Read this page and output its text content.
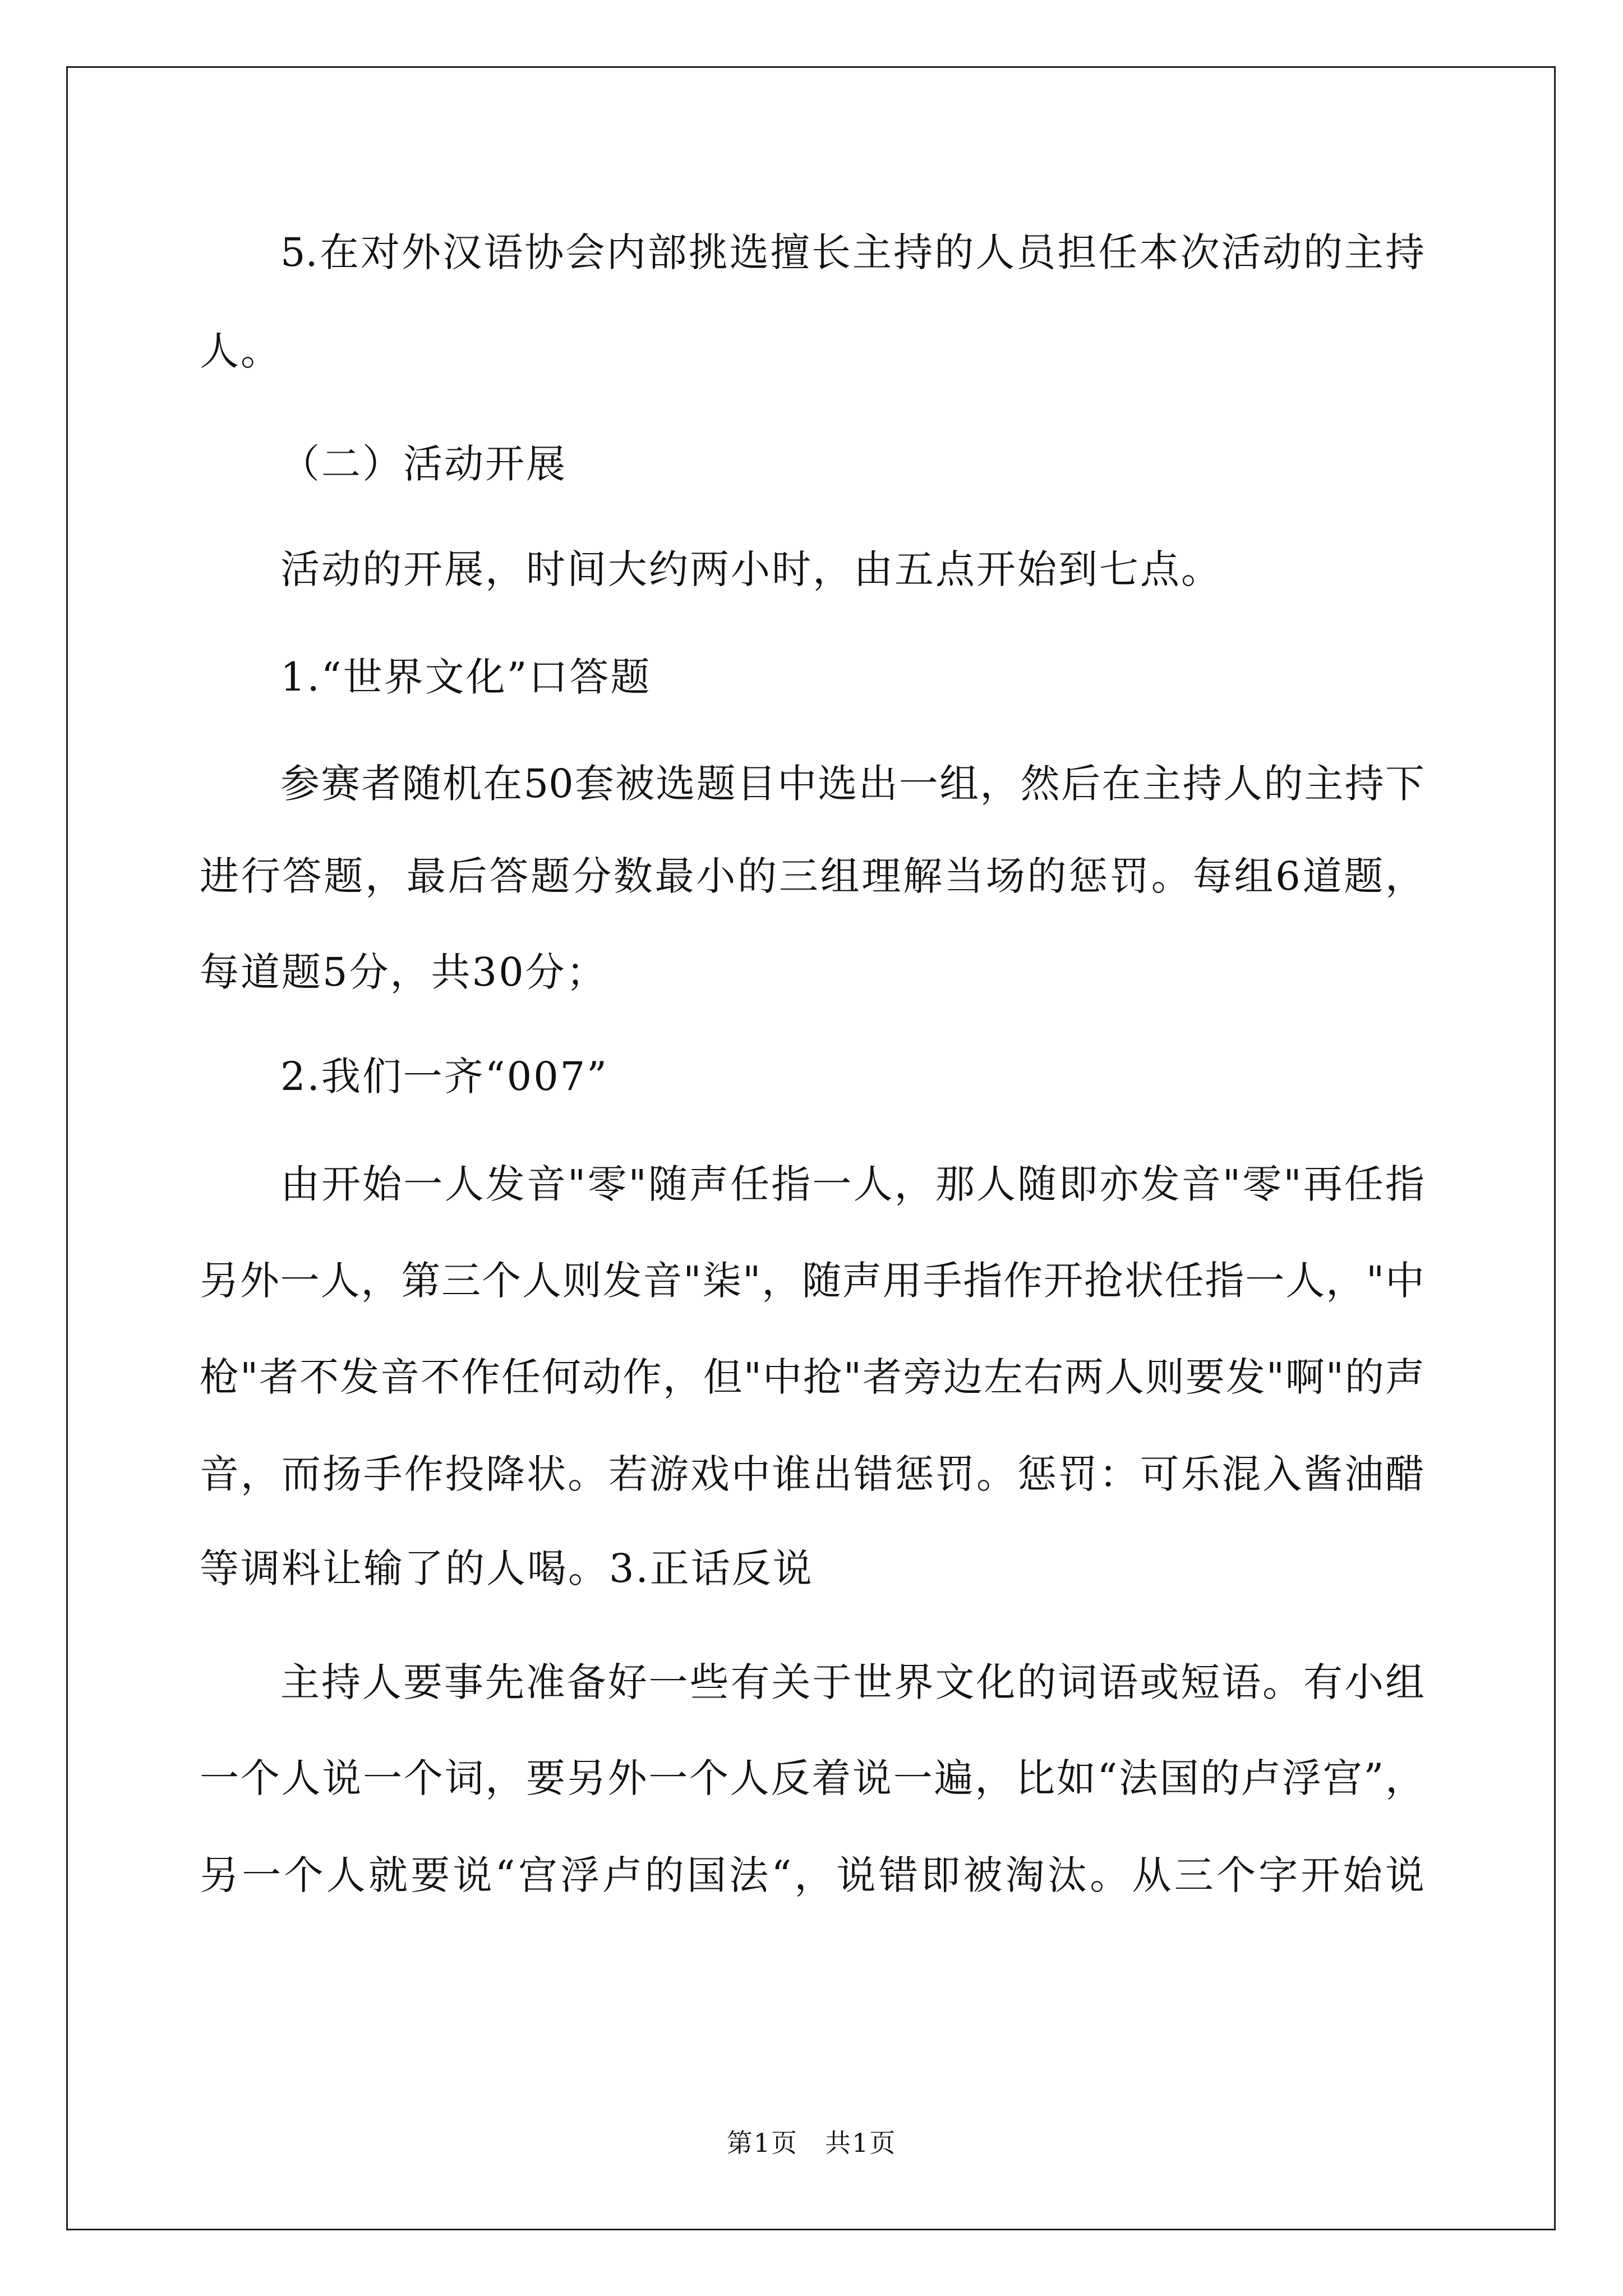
5.在对外汉语协会内部挑选擅长主持的人员担任本次活动的主持
人。
（二）活动开展
活动的开展，时间大约两小时，由五点开始到七点。
1.“世界文化”口答题
参赛者随机在50套被选题目中选出一组，然后在主持人的主持下
进行答题，最后答题分数最小的三组理解当场的惩罚。每组6道题，
每道题5分，共30分；
2.我们一齐“007”
由开始一人发音"零"随声任指一人，那人随即亦发音"零"再任指
另外一人，第三个人则发音"柒"，随声用手指作开抢状任指一人，"中
枪"者不发音不作任何动作，但"中抢"者旁边左右两人则要发"啊"的声
音，而扬手作投降状。若游戏中谁出错惩罚。惩罚：可乐混入酱油醋
等调料让输了的人喝。3.正话反说
主持人要事先准备好一些有关于世界文化的词语或短语。有小组
一个人说一个词，要另外一个人反着说一遍，比如“法国的卢浮宫”，
另一个人就要说“宫浮卢的国法“，说错即被淘汰。从三个字开始说
第1页　共1页
